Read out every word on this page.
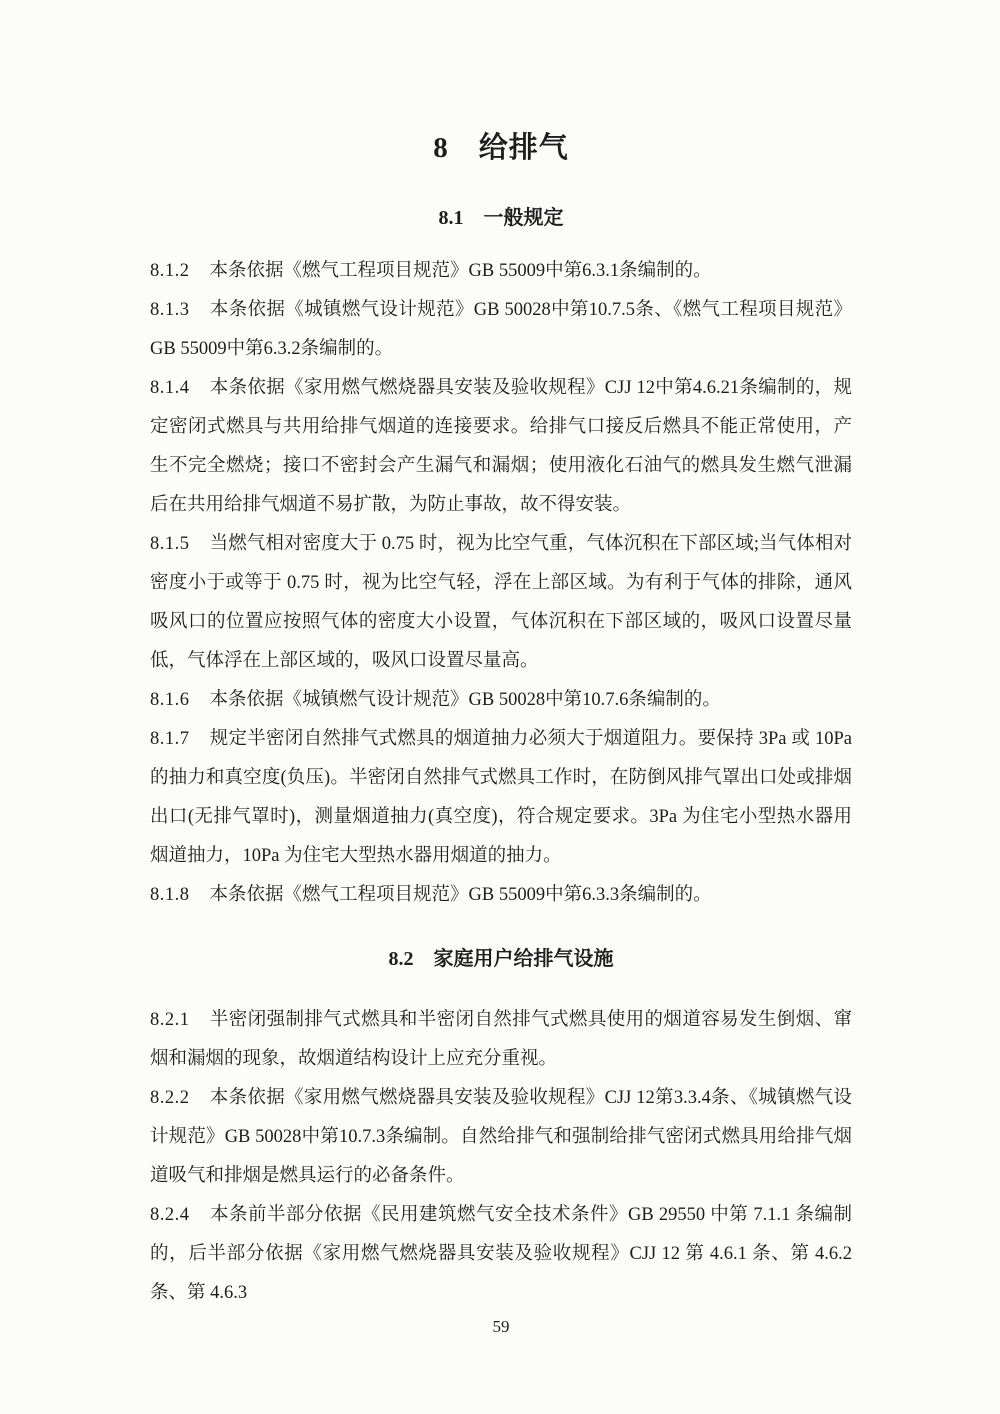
8　给排气
8.1　一般规定

8.1.2 本条依据《燃气工程项目规范》GB 55009中第6.3.1条编制的。

8.1.3 本条依据《城镇燃气设计规范》GB 50028中第10.7.5条、《燃气工程项目规范》GB 55009中第6.3.2条编制的。

8.1.4 本条依据《家用燃气燃烧器具安装及验收规程》CJJ 12中第4.6.21条编制的，规定密闭式燃具与共用给排气烟道的连接要求。给排气口接反后燃具不能正常使用，产生不完全燃烧；接口不密封会产生漏气和漏烟；使用液化石油气的燃具发生燃气泄漏后在共用给排气烟道不易扩散，为防止事故，故不得安装。

8.1.5 当燃气相对密度大于 0.75 时，视为比空气重，气体沉积在下部区域;当气体相对密度小于或等于 0.75 时，视为比空气轻，浮在上部区域。为有利于气体的排除，通风吸风口的位置应按照气体的密度大小设置，气体沉积在下部区域的，吸风口设置尽量低，气体浮在上部区域的，吸风口设置尽量高。

8.1.6 本条依据《城镇燃气设计规范》GB 50028中第10.7.6条编制的。

8.1.7 规定半密闭自然排气式燃具的烟道抽力必须大于烟道阻力。要保持 3Pa 或 10Pa 的抽力和真空度(负压)。半密闭自然排气式燃具工作时，在防倒风排气罩出口处或排烟出口(无排气罩时)，测量烟道抽力(真空度)，符合规定要求。3Pa 为住宅小型热水器用烟道抽力，10Pa 为住宅大型热水器用烟道的抽力。

8.1.8 本条依据《燃气工程项目规范》GB 55009中第6.3.3条编制的。

8.2　家庭用户给排气设施

8.2.1 半密闭强制排气式燃具和半密闭自然排气式燃具使用的烟道容易发生倒烟、窜烟和漏烟的现象，故烟道结构设计上应充分重视。

8.2.2 本条依据《家用燃气燃烧器具安装及验收规程》CJJ 12第3.3.4条、《城镇燃气设计规范》GB 50028中第10.7.3条编制。自然给排气和强制给排气密闭式燃具用给排气烟道吸气和排烟是燃具运行的必备条件。

8.2.4 本条前半部分依据《民用建筑燃气安全技术条件》GB 29550 中第 7.1.1 条编制的，后半部分依据《家用燃气燃烧器具安装及验收规程》CJJ 12 第 4.6.1 条、第 4.6.2 条、第 4.6.3

59
